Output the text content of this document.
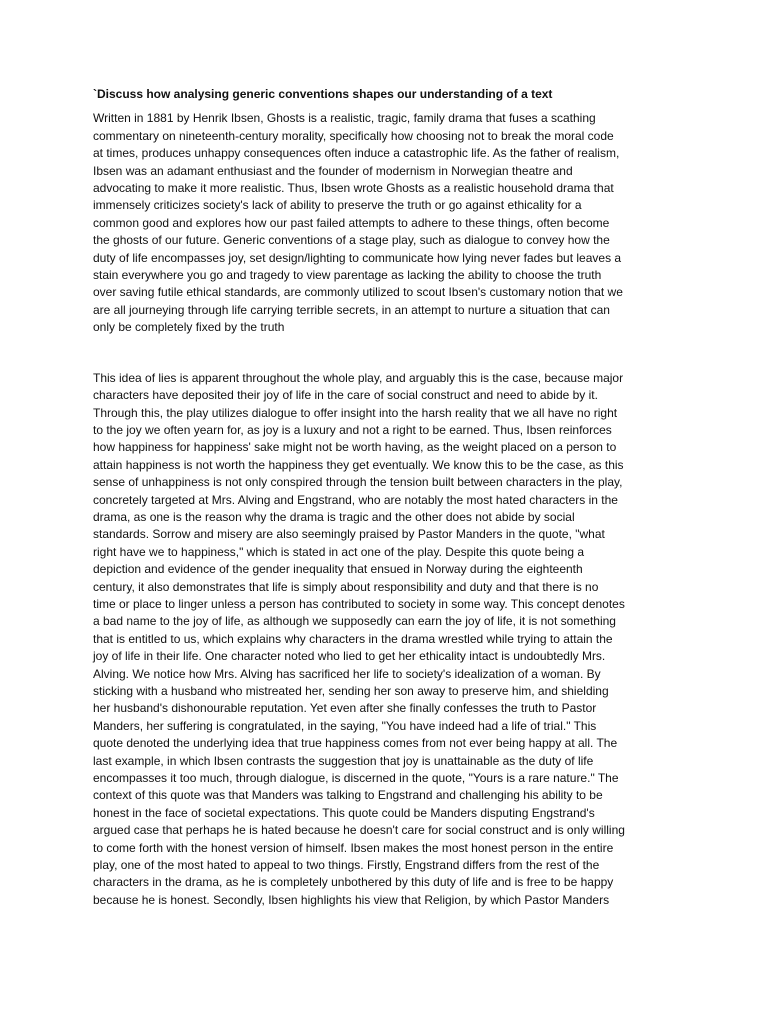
`Discuss how analysing generic conventions shapes our understanding of a text

Written in 1881 by Henrik Ibsen, Ghosts is a realistic, tragic, family drama that fuses a scathing
commentary on nineteenth-century morality, specifically how choosing not to break the moral code
at times, produces unhappy consequences often induce a catastrophic life. As the father of realism,
Ibsen was an adamant enthusiast and the founder of modernism in Norwegian theatre and
advocating to make it more realistic. Thus, Ibsen wrote Ghosts as a realistic household drama that
immensely criticizes society's lack of ability to preserve the truth or go against ethicality for a
common good and explores how our past failed attempts to adhere to these things, often become
the ghosts of our future. Generic conventions of a stage play, such as dialogue to convey how the
duty of life encompasses joy, set design/lighting to communicate how lying never fades but leaves a
stain everywhere you go and tragedy to view parentage as lacking the ability to choose the truth
over saving futile ethical standards, are commonly utilized to scout Ibsen's customary notion that we
are all journeying through life carrying terrible secrets, in an attempt to nurture a situation that can
only be completely fixed by the truth

This idea of lies is apparent throughout the whole play, and arguably this is the case, because major
characters have deposited their joy of life in the care of social construct and need to abide by it.
Through this, the play utilizes dialogue to offer insight into the harsh reality that we all have no right
to the joy we often yearn for, as joy is a luxury and not a right to be earned. Thus, Ibsen reinforces
how happiness for happiness' sake might not be worth having, as the weight placed on a person to
attain happiness is not worth the happiness they get eventually. We know this to be the case, as this
sense of unhappiness is not only conspired through the tension built between characters in the play,
concretely targeted at Mrs. Alving and Engstrand, who are notably the most hated characters in the
drama, as one is the reason why the drama is tragic and the other does not abide by social
standards. Sorrow and misery are also seemingly praised by Pastor Manders in the quote, "what
right have we to happiness," which is stated in act one of the play. Despite this quote being a
depiction and evidence of the gender inequality that ensued in Norway during the eighteenth
century, it also demonstrates that life is simply about responsibility and duty and that there is no
time or place to linger unless a person has contributed to society in some way. This concept denotes
a bad name to the joy of life, as although we supposedly can earn the joy of life, it is not something
that is entitled to us, which explains why characters in the drama wrestled while trying to attain the
joy of life in their life. One character noted who lied to get her ethicality intact is undoubtedly Mrs.
Alving. We notice how Mrs. Alving has sacrificed her life to society's idealization of a woman. By
sticking with a husband who mistreated her, sending her son away to preserve him, and shielding
her husband's dishonourable reputation. Yet even after she finally confesses the truth to Pastor
Manders, her suffering is congratulated, in the saying, "You have indeed had a life of trial." This
quote denoted the underlying idea that true happiness comes from not ever being happy at all. The
last example, in which Ibsen contrasts the suggestion that joy is unattainable as the duty of life
encompasses it too much, through dialogue, is discerned in the quote, "Yours is a rare nature." The
context of this quote was that Manders was talking to Engstrand and challenging his ability to be
honest in the face of societal expectations. This quote could be Manders disputing Engstrand's
argued case that perhaps he is hated because he doesn't care for social construct and is only willing
to come forth with the honest version of himself. Ibsen makes the most honest person in the entire
play, one of the most hated to appeal to two things. Firstly, Engstrand differs from the rest of the
characters in the drama, as he is completely unbothered by this duty of life and is free to be happy
because he is honest. Secondly, Ibsen highlights his view that Religion, by which Pastor Manders
